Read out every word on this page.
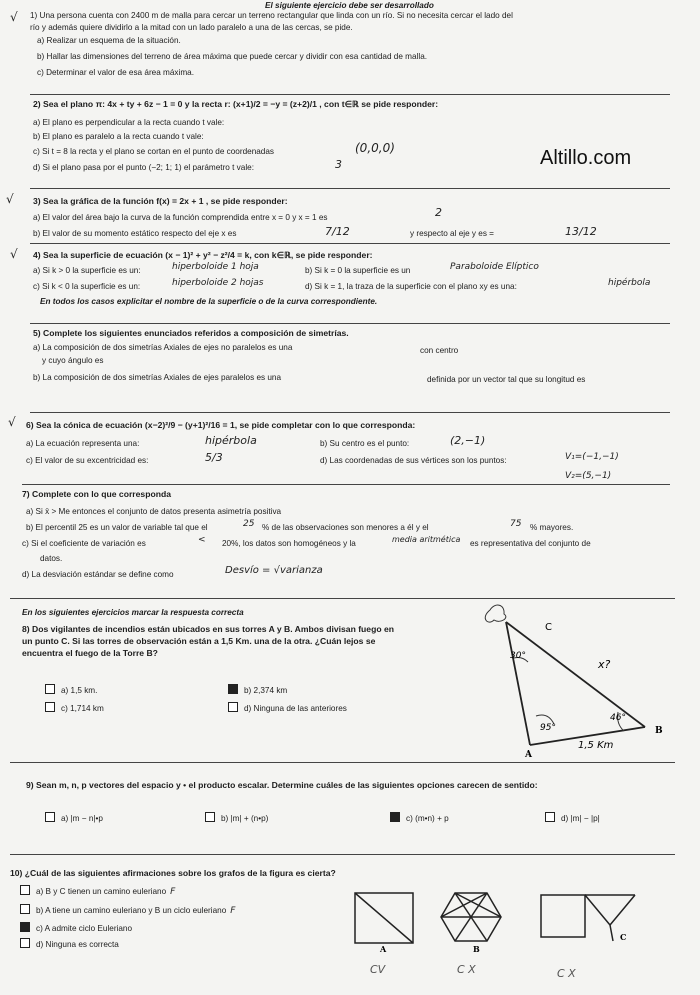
El siguiente ejercicio debe ser desarrollado
Altillo.com
√ 1) Una persona cuenta con 2400 m de malla para cercar un terreno rectangular que linda con un río. Si no necesita cercar el lado del
río y además quiere dividirlo a la mitad con un lado paralelo a una de las cercas, se pide.
a) Realizar un esquema de la situación.
b) Hallar las dimensiones del terreno de área máxima que puede cercar y dividir con esa cantidad de malla.
c) Determinar el valor de esa área máxima.
2) Sea el plano π: 4x + ty + 6z − 1 = 0 y la recta r: (x+1)/2 = −y = (z+2)/1 , con t∈ℝ se pide responder:
a) El plano es perpendicular a la recta cuando t vale:
b) El plano es paralelo a la recta cuando t vale:
c) Si t = 8 la recta y el plano se cortan en el punto de coordenadas	(0,0,0)
d) Si el plano pasa por el punto (−2; 1; 1) el parámetro t vale:	3
√ 3) Sea la gráfica de la función f(x) = 2x + 1 , se pide responder:
a) El valor del área bajo la curva de la función comprendida entre x = 0 y x = 1 es	2
b) El valor de su momento estático respecto del eje x es	7/12	y respecto al eje y es =	13/12
√ 4) Sea la superficie de ecuación (x − 1)² + y² − z²/4 = k, con k∈ℝ, se pide responder:
a) Si k > 0 la superficie es un:	hiperboloide 1 hoja	b) Si k = 0 la superficie es un	Paraboloide Elíptico
c) Si k < 0 la superficie es un:	hiperboloide 2 hojas	d) Si k = 1, la traza de la superficie con el plano xy es una:	hipérbola
En todos los casos explicitar el nombre de la superficie o de la curva correspondiente.
5) Complete los siguientes enunciados referidos a composición de simetrías.
a) La composición de dos simetrías Axiales de ejes no paralelos es una	con centro
y cuyo ángulo es
b) La composición de dos simetrías Axiales de ejes paralelos es una	definida por un vector tal que su longitud es
√ 6) Sea la cónica de ecuación (x−2)²/9 − (y+1)²/16 = 1, se pide completar con lo que corresponda:
a) La ecuación representa una:	hipérbola	b) Su centro es el punto:	(2,−1)
c) El valor de su excentricidad es:	5/3	d) Las coordenadas de sus vértices son los puntos:	V₁=(−1,−1)
V₂=(5,−1)
7) Complete con lo que corresponda
a) Si x̄ > Me entonces el conjunto de datos presenta asimetría positiva
b) El percentil 25 es un valor de variable tal que el	25 % de las observaciones son menores a él y el	75 % mayores.
c) Si el coeficiente de variación es	< 20%, los datos son homogéneos y la	media aritmética es representativa del conjunto de
datos.
d) La desviación estándar se define como	Desvío = √varianza
En los siguientes ejercicios marcar la respuesta correcta
8) Dos vigilantes de incendios están ubicados en sus torres A y B. Ambos divisan fuego en
un punto C. Si las torres de observación están a 1,5 Km. una de la otra. ¿Cuán lejos se
encuentra el fuego de la Torre B?
a) 1,5 km.	b) 2,374 km
c) 1,714 km	d) Ninguna de las anteriores
C
B
A
30°
95°
46°
1,5 Km
x?
9) Sean m, n, p vectores del espacio y • el producto escalar. Determine cuáles de las siguientes opciones carecen de sentido:
a) |m − n|•p	b) |m| + (n•p)	c) (m•n) + p	d) |m| − |p|
10) ¿Cuál de las siguientes afirmaciones sobre los grafos de la figura es cierta?
a) B y C tienen un camino euleriano F
b) A tiene un camino euleriano y B un ciclo euleriano F
c) A admite ciclo Euleriano
d) Ninguna es correcta	A
CV
B
C X
C
C X
